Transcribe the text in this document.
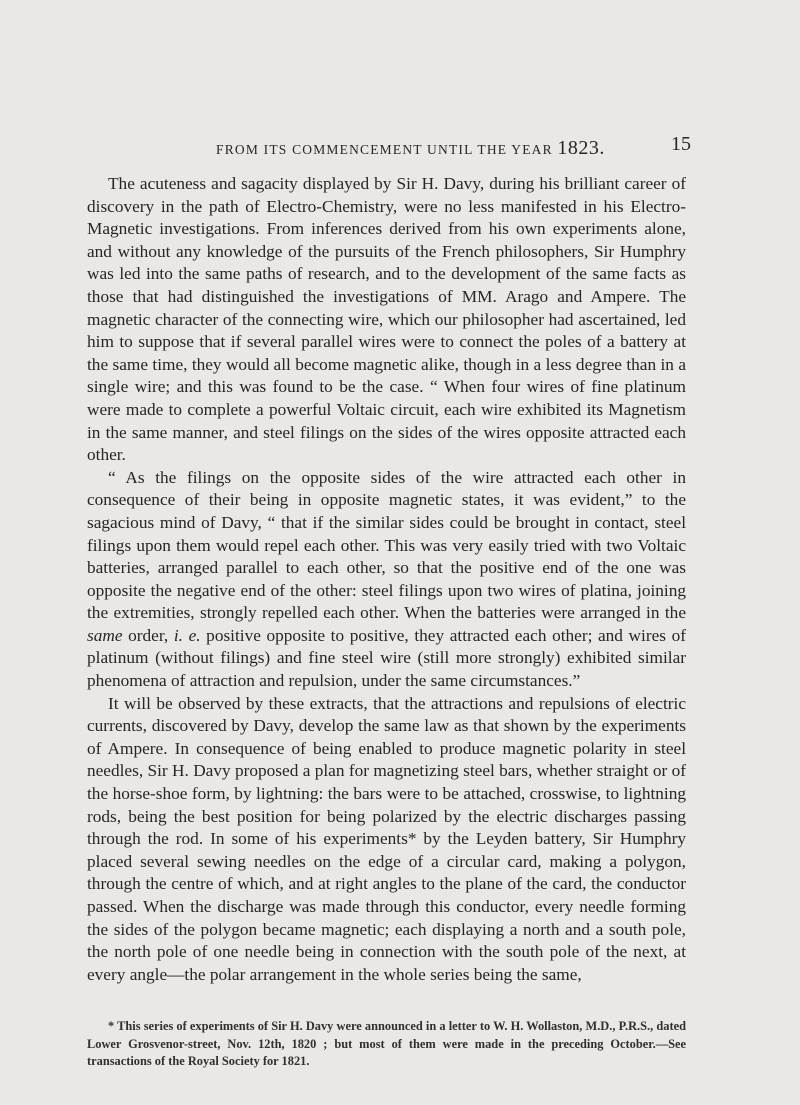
FROM ITS COMMENCEMENT UNTIL THE YEAR 1823.	15

The acuteness and sagacity displayed by Sir H. Davy, during his brilliant career of discovery in the path of Electro-Chemistry, were no less manifested in his Electro-Magnetic investigations. From inferences derived from his own experiments alone, and without any knowledge of the pursuits of the French philosophers, Sir Humphry was led into the same paths of research, and to the development of the same facts as those that had distinguished the investigations of MM. Arago and Ampere. The magnetic character of the connecting wire, which our philosopher had ascertained, led him to suppose that if several parallel wires were to connect the poles of a battery at the same time, they would all become magnetic alike, though in a less degree than in a single wire; and this was found to be the case. “ When four wires of fine platinum were made to complete a powerful Voltaic circuit, each wire exhibited its Magnetism in the same manner, and steel filings on the sides of the wires opposite attracted each other.

“ As the filings on the opposite sides of the wire attracted each other in consequence of their being in opposite magnetic states, it was evident,” to the sagacious mind of Davy, “ that if the similar sides could be brought in contact, steel filings upon them would repel each other. This was very easily tried with two Voltaic batteries, arranged parallel to each other, so that the positive end of the one was opposite the negative end of the other: steel filings upon two wires of platina, joining the extremities, strongly repelled each other. When the batteries were arranged in the same order, i. e. positive opposite to positive, they attracted each other; and wires of platinum (without filings) and fine steel wire (still more strongly) exhibited similar phenomena of attraction and repulsion, under the same circumstances.”

It will be observed by these extracts, that the attractions and repulsions of electric currents, discovered by Davy, develop the same law as that shown by the experiments of Ampere. In consequence of being enabled to produce magnetic polarity in steel needles, Sir H. Davy proposed a plan for magnetizing steel bars, whether straight or of the horse-shoe form, by lightning: the bars were to be attached, crosswise, to lightning rods, being the best position for being polarized by the electric discharges passing through the rod. In some of his experiments* by the Leyden battery, Sir Humphry placed several sewing needles on the edge of a circular card, making a polygon, through the centre of which, and at right angles to the plane of the card, the conductor passed. When the discharge was made through this conductor, every needle forming the sides of the polygon became magnetic; each displaying a north and a south pole, the north pole of one needle being in connection with the south pole of the next, at every angle—the polar arrangement in the whole series being the same,

* This series of experiments of Sir H. Davy were announced in a letter to W. H. Wollaston, M.D., P.R.S., dated Lower Grosvenor-street, Nov. 12th, 1820 ; but most of them were made in the preceding October.—See transactions of the Royal Society for 1821.
